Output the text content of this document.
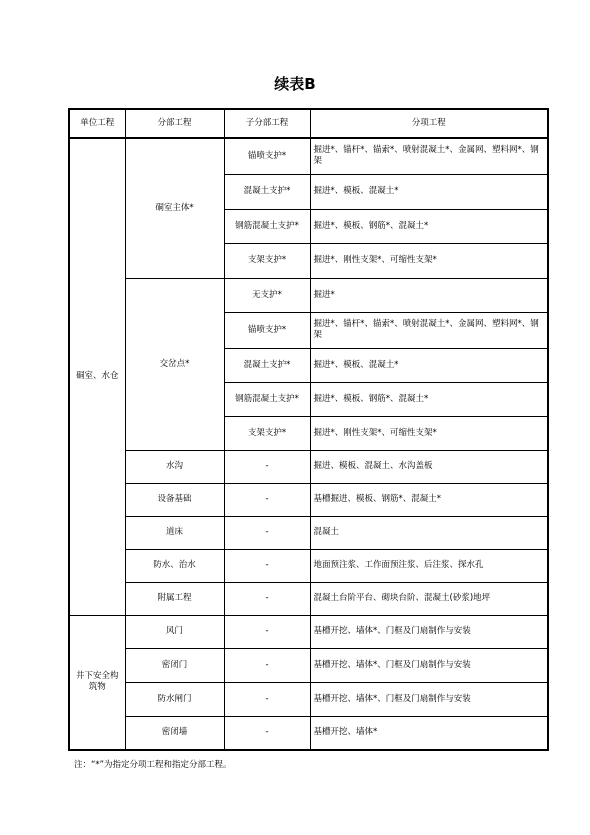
续表B
单位工程	分部工程	子分部工程	分项工程
硐室、水仓	硐室主体*	锚喷支护*	掘进*、锚杆*、锚索*、喷射混凝土*、金属网、塑料网*、钢架
		混凝土支护*	掘进*、模板、混凝土*
		钢筋混凝土支护*	掘进*、模板、钢筋*、混凝土*
		支架支护*	掘进*、刚性支架*、可缩性支架*
	交岔点*	无支护*	掘进*
		锚喷支护*	掘进*、锚杆*、锚索*、喷射混凝土*、金属网、塑料网*、钢架
		混凝土支护*	掘进*、模板、混凝土*
		钢筋混凝土支护*	掘进*、模板、钢筋*、混凝土*
		支架支护*	掘进*、刚性支架*、可缩性支架*
	水沟	-	掘进、模板、混凝土、水沟盖板
	设备基础	-	基槽掘进、模板、钢筋*、混凝土*
	道床	-	混凝土
	防水、治水	-	地面预注浆、工作面预注浆、后注浆、探水孔
	附属工程	-	混凝土台阶平台、砌块台阶、混凝土(砂浆)地坪
井下安全构筑物	风门	-	基槽开挖、墙体*、门框及门扇制作与安装
	密闭门	-	基槽开挖、墙体*、门框及门扇制作与安装
	防水闸门	-	基槽开挖、墙体*、门框及门扇制作与安装
	密闭墙	-	基槽开挖、墙体*
注：“*”为指定分项工程和指定分部工程。
